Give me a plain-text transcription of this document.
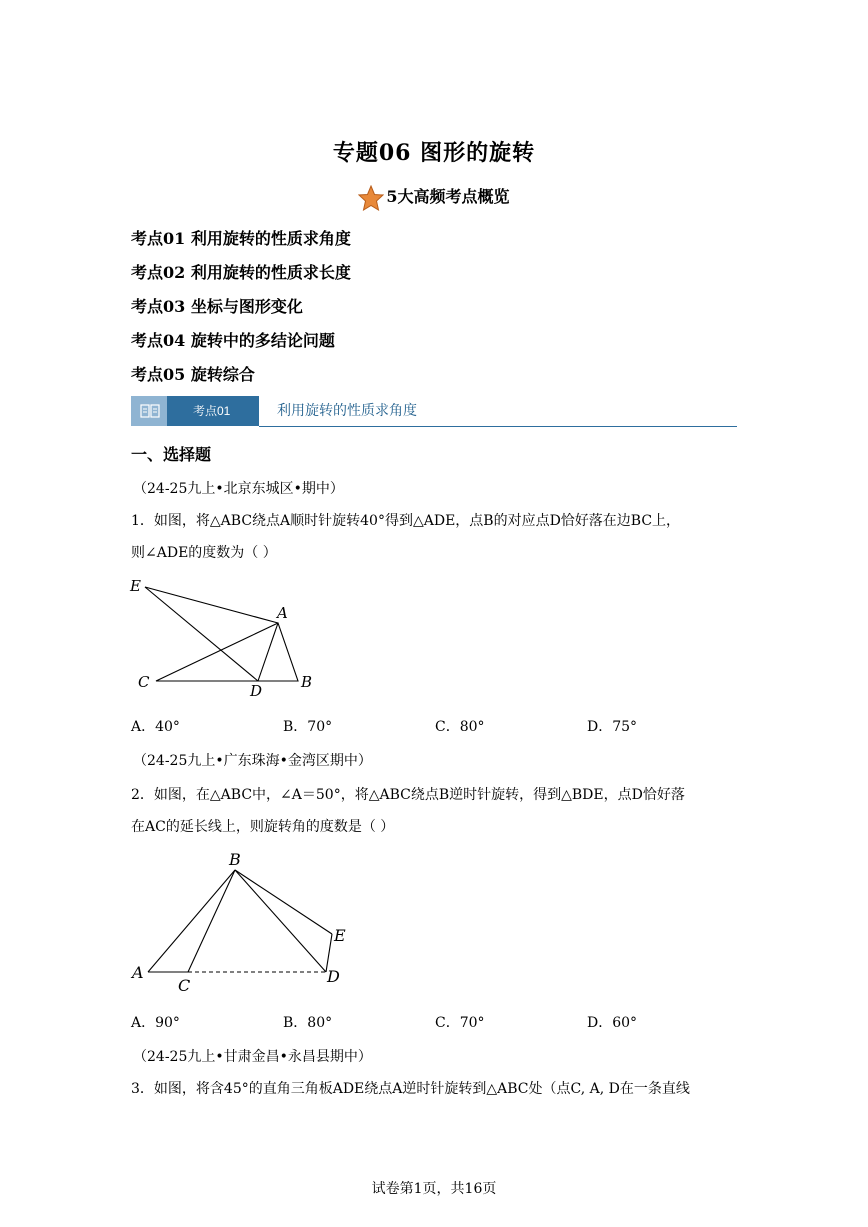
专题06 图形的旋转
5大高频考点概览
考点01 利用旋转的性质求角度
考点02 利用旋转的性质求长度
考点03 坐标与图形变化
考点04 旋转中的多结论问题
考点05 旋转综合
考点01	利用旋转的性质求角度
一、选择题
（24-25九上•北京东城区•期中）
1．如图，将△ABC绕点A顺时针旋转40°得到△ADE，点B的对应点D恰好落在边BC上，
则∠ADE的度数为（ ）
E
A
C	D	B
A．40°	B．70°	C．80°	D．75°
（24-25九上•广东珠海•金湾区期中）
2．如图，在△ABC中，∠A＝50°，将△ABC绕点B逆时针旋转，得到△BDE，点D恰好落
在AC的延长线上，则旋转角的度数是（ ）
B
E
A
C	D
A．90°	B．80°	C．70°	D．60°
（24-25九上•甘肃金昌•永昌县期中）
3．如图，将含45°的直角三角板ADE绕点A逆时针旋转到△ABC处（点C, A, D在一条直线
试卷第1页，共16页
